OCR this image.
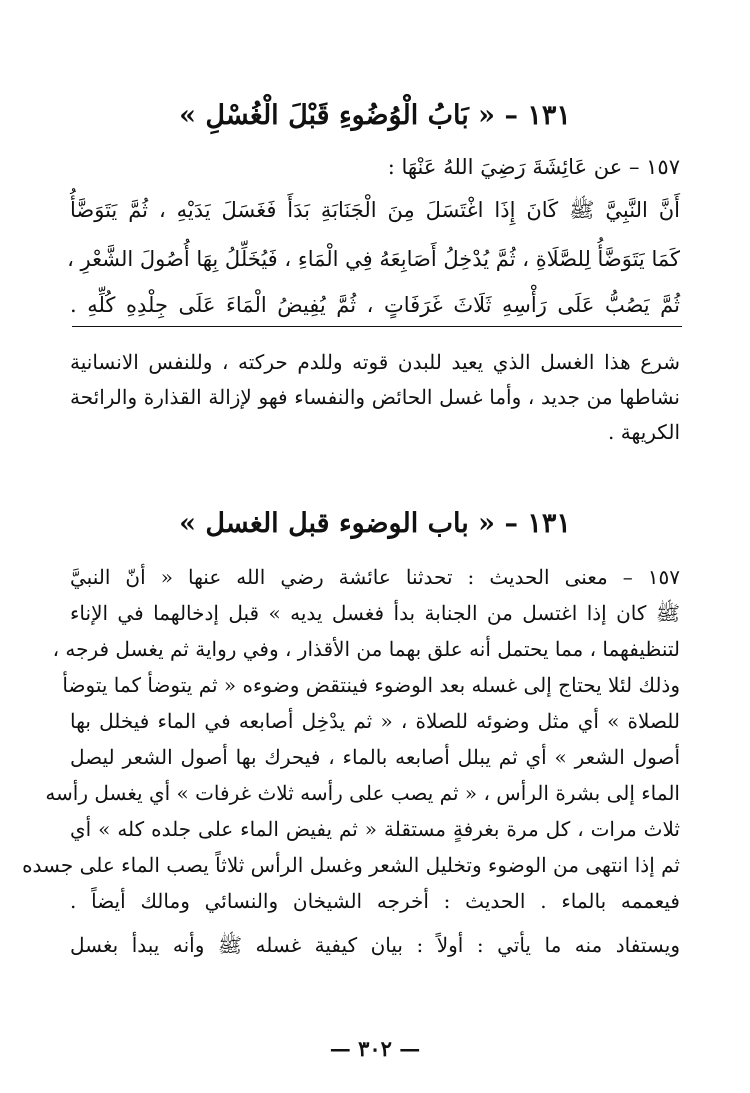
١٣١ – « بَابُ الْوُضُوءِ قَبْلَ الْغُسْلِ »
١٥٧ – عن عَائِشَةَ رَضِيَ اللهُ عَنْهَا :
أَنَّ النَّبِيَّ ﷺ كَانَ إِذَا اغْتَسَلَ مِنَ الْجَنَابَةِ بَدَأَ فَغَسَلَ يَدَيْهِ ، ثُمَّ يَتَوَضَّأُ
كَمَا يَتَوَضَّأُ لِلصَّلَاةِ ، ثُمَّ يُدْخِلُ أَصَابِعَهُ فِي الْمَاءِ ، فَيُخَلِّلُ بِهَا أُصُولَ الشَّعْرِ ،
ثُمَّ يَصُبُّ عَلَى رَأْسِهِ ثَلَاثَ غَرَفَاتٍ ، ثُمَّ يُفِيضُ الْمَاءَ عَلَى جِلْدِهِ كُلِّهِ .
شرع هذا الغسل الذي يعيد للبدن قوته وللدم حركته ، وللنفس الانسانية
نشاطها من جديد ، وأما غسل الحائض والنفساء فهو لإزالة القذارة والرائحة
الكريهة .
١٣١ – « باب الوضوء قبل الغسل »
١٥٧ – معنى الحديث : تحدثنا عائشة رضي الله عنها « أنّ النبيَّ
ﷺ كان إذا اغتسل من الجنابة بدأ فغسل يديه » قبل إدخالهما في الإناء
لتنظيفهما ، مما يحتمل أنه علق بهما من الأقذار ، وفي رواية ثم يغسل فرجه ،
وذلك لئلا يحتاج إلى غسله بعد الوضوء فينتقض وضوءه « ثم يتوضأ كما يتوضأ
للصلاة » أي مثل وضوئه للصلاة ، « ثم يدْخِل أصابعه في الماء فيخلل بها
أصول الشعر » أي ثم يبلل أصابعه بالماء ، فيحرك بها أصول الشعر ليصل
الماء إلى بشرة الرأس ، « ثم يصب على رأسه ثلاث غرفات » أي يغسل رأسه
ثلاث مرات ، كل مرة بغرفةٍ مستقلة « ثم يفيض الماء على جلده كله » أي
ثم إذا انتهى من الوضوء وتخليل الشعر وغسل الرأس ثلاثاً يصب الماء على جسده
فيعممه بالماء . الحديث : أخرجه الشيخان والنسائي ومالك أيضاً .
ويستفاد منه ما يأتي : أولاً : بيان كيفية غسله ﷺ وأنه يبدأ بغسل
— ٣٠٢ —
